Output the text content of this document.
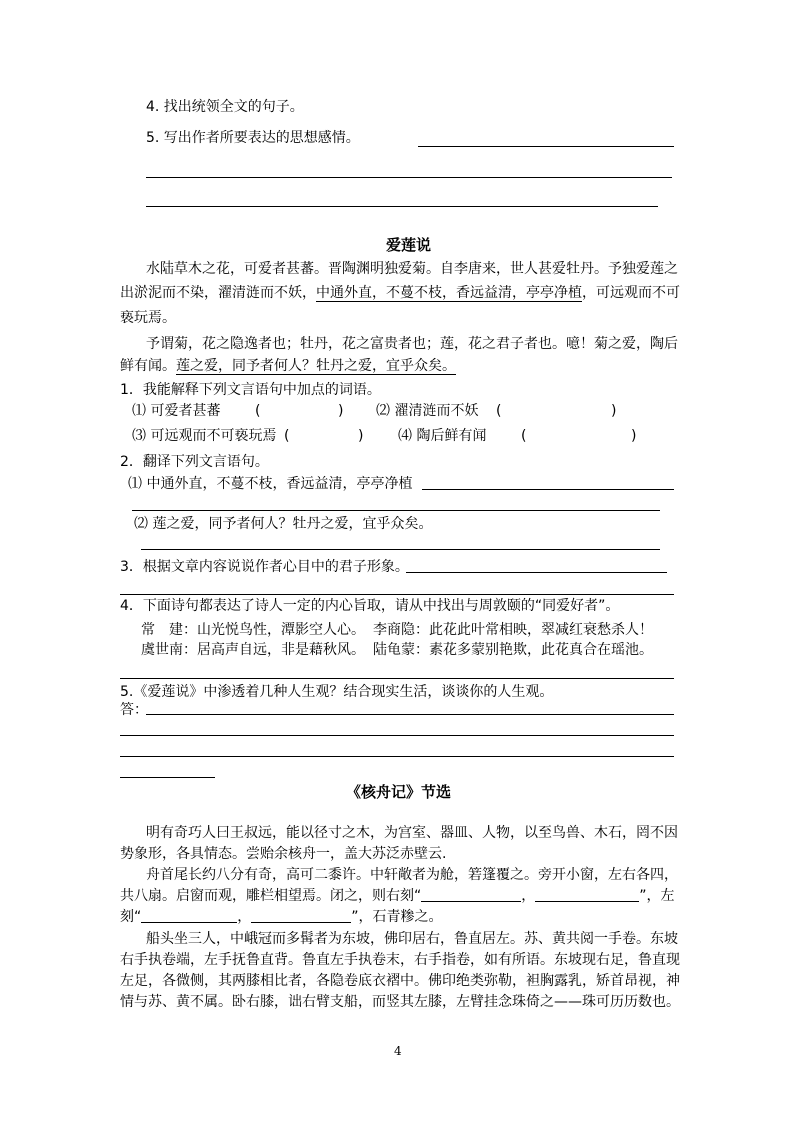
4. 找出统领全文的句子。
5. 写出作者所要表达的思想感情。
爱莲说
水陆草木之花，可爱者甚蕃。晋陶渊明独爱菊。自李唐来，世人甚爱牡丹。予独爱莲之
出淤泥而不染，濯清涟而不妖，中通外直，不蔓不枝，香远益清，亭亭净植，可远观而不可
亵玩焉。
予谓菊，花之隐逸者也；牡丹，花之富贵者也；莲，花之君子者也。噫！菊之爱，陶后
鲜有闻。莲之爱，同予者何人？牡丹之爱，宜乎众矣。
1．我能解释下列文言语句中加点的词语。
⑴ 可爱者甚蕃 (	) ⑵ 濯清涟而不妖 (	)
⑶ 可远观而不可亵玩焉 (	) ⑷ 陶后鲜有闻 (	)
2．翻译下列文言语句。
⑴ 中通外直，不蔓不枝，香远益清，亭亭净植
⑵ 莲之爱，同予者何人？牡丹之爱，宜乎众矣。
3．根据文章内容说说作者心目中的君子形象。
4．下面诗句都表达了诗人一定的内心旨取，请从中找出与周敦颐的“同爱好者”。
常　建：山光悦鸟性，潭影空人心。 李商隐：此花此叶常相映，翠减红衰愁杀人！
虞世南：居高声自远，非是藉秋风。 陆龟蒙：素花多蒙别艳欺，此花真合在瑶池。
5.《爱莲说》中渗透着几种人生观？结合现实生活，谈谈你的人生观。
答：
《核舟记》节选
明有奇巧人曰王叔远，能以径寸之木，为宫室、器皿、人物，以至鸟兽、木石，罔不因
势象形，各具情态。尝贻余核舟一，盖大苏泛赤壁云.
舟首尾长约八分有奇，高可二黍许。中轩敞者为舱，箬篷覆之。旁开小窗，左右各四，
共八扇。启窗而观，雕栏相望焉。闭之，则右刻“	，	”，左
刻“	，	”，石青糁之。
船头坐三人，中峨冠而多髯者为东坡，佛印居右，鲁直居左。苏、黄共阅一手卷。东坡
右手执卷端，左手抚鲁直背。鲁直左手执卷末，右手指卷，如有所语。东坡现右足，鲁直现
左足，各微侧，其两膝相比者，各隐卷底衣褶中。佛印绝类弥勒，袒胸露乳，矫首昂视，神
情与苏、黄不属。卧右膝，诎右臂支船，而竖其左膝，左臂挂念珠倚之——珠可历历数也。
4
